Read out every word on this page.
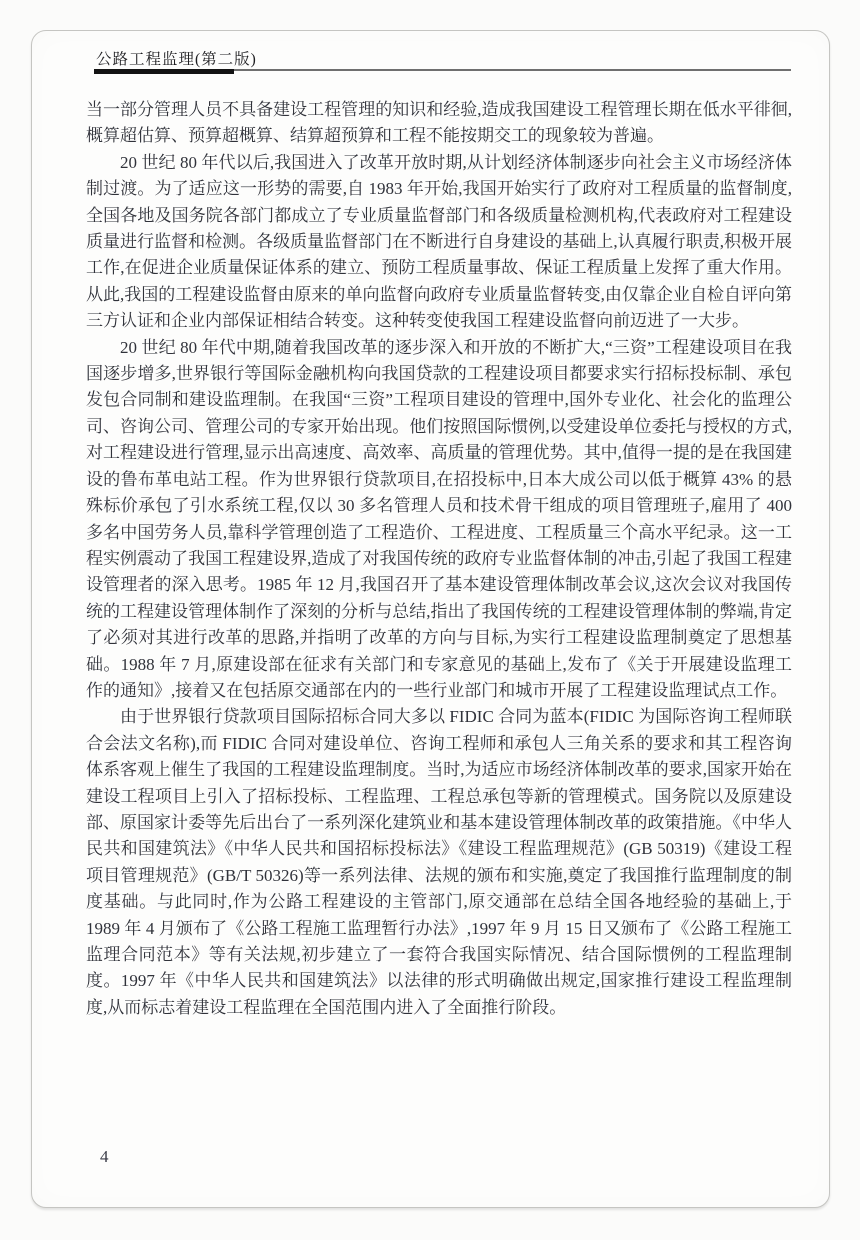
公路工程监理(第二版)

当一部分管理人员不具备建设工程管理的知识和经验,造成我国建设工程管理长期在低水平徘徊,概算超估算、预算超概算、结算超预算和工程不能按期交工的现象较为普遍。

20 世纪 80 年代以后,我国进入了改革开放时期,从计划经济体制逐步向社会主义市场经济体制过渡。为了适应这一形势的需要,自 1983 年开始,我国开始实行了政府对工程质量的监督制度,全国各地及国务院各部门都成立了专业质量监督部门和各级质量检测机构,代表政府对工程建设质量进行监督和检测。各级质量监督部门在不断进行自身建设的基础上,认真履行职责,积极开展工作,在促进企业质量保证体系的建立、预防工程质量事故、保证工程质量上发挥了重大作用。从此,我国的工程建设监督由原来的单向监督向政府专业质量监督转变,由仅靠企业自检自评向第三方认证和企业内部保证相结合转变。这种转变使我国工程建设监督向前迈进了一大步。

20 世纪 80 年代中期,随着我国改革的逐步深入和开放的不断扩大,“三资”工程建设项目在我国逐步增多,世界银行等国际金融机构向我国贷款的工程建设项目都要求实行招标投标制、承包发包合同制和建设监理制。在我国“三资”工程项目建设的管理中,国外专业化、社会化的监理公司、咨询公司、管理公司的专家开始出现。他们按照国际惯例,以受建设单位委托与授权的方式,对工程建设进行管理,显示出高速度、高效率、高质量的管理优势。其中,值得一提的是在我国建设的鲁布革电站工程。作为世界银行贷款项目,在招投标中,日本大成公司以低于概算 43% 的悬殊标价承包了引水系统工程,仅以 30 多名管理人员和技术骨干组成的项目管理班子,雇用了 400 多名中国劳务人员,靠科学管理创造了工程造价、工程进度、工程质量三个高水平纪录。这一工程实例震动了我国工程建设界,造成了对我国传统的政府专业监督体制的冲击,引起了我国工程建设管理者的深入思考。1985 年 12 月,我国召开了基本建设管理体制改革会议,这次会议对我国传统的工程建设管理体制作了深刻的分析与总结,指出了我国传统的工程建设管理体制的弊端,肯定了必须对其进行改革的思路,并指明了改革的方向与目标,为实行工程建设监理制奠定了思想基础。1988 年 7 月,原建设部在征求有关部门和专家意见的基础上,发布了《关于开展建设监理工作的通知》,接着又在包括原交通部在内的一些行业部门和城市开展了工程建设监理试点工作。

由于世界银行贷款项目国际招标合同大多以 FIDIC 合同为蓝本(FIDIC 为国际咨询工程师联合会法文名称),而 FIDIC 合同对建设单位、咨询工程师和承包人三角关系的要求和其工程咨询体系客观上催生了我国的工程建设监理制度。当时,为适应市场经济体制改革的要求,国家开始在建设工程项目上引入了招标投标、工程监理、工程总承包等新的管理模式。国务院以及原建设部、原国家计委等先后出台了一系列深化建筑业和基本建设管理体制改革的政策措施。《中华人民共和国建筑法》《中华人民共和国招标投标法》《建设工程监理规范》(GB 50319)《建设工程项目管理规范》(GB/T 50326)等一系列法律、法规的颁布和实施,奠定了我国推行监理制度的制度基础。与此同时,作为公路工程建设的主管部门,原交通部在总结全国各地经验的基础上,于 1989 年 4 月颁布了《公路工程施工监理暂行办法》,1997 年 9 月 15 日又颁布了《公路工程施工监理合同范本》等有关法规,初步建立了一套符合我国实际情况、结合国际惯例的工程监理制度。1997 年《中华人民共和国建筑法》以法律的形式明确做出规定,国家推行建设工程监理制度,从而标志着建设工程监理在全国范围内进入了全面推行阶段。

4
